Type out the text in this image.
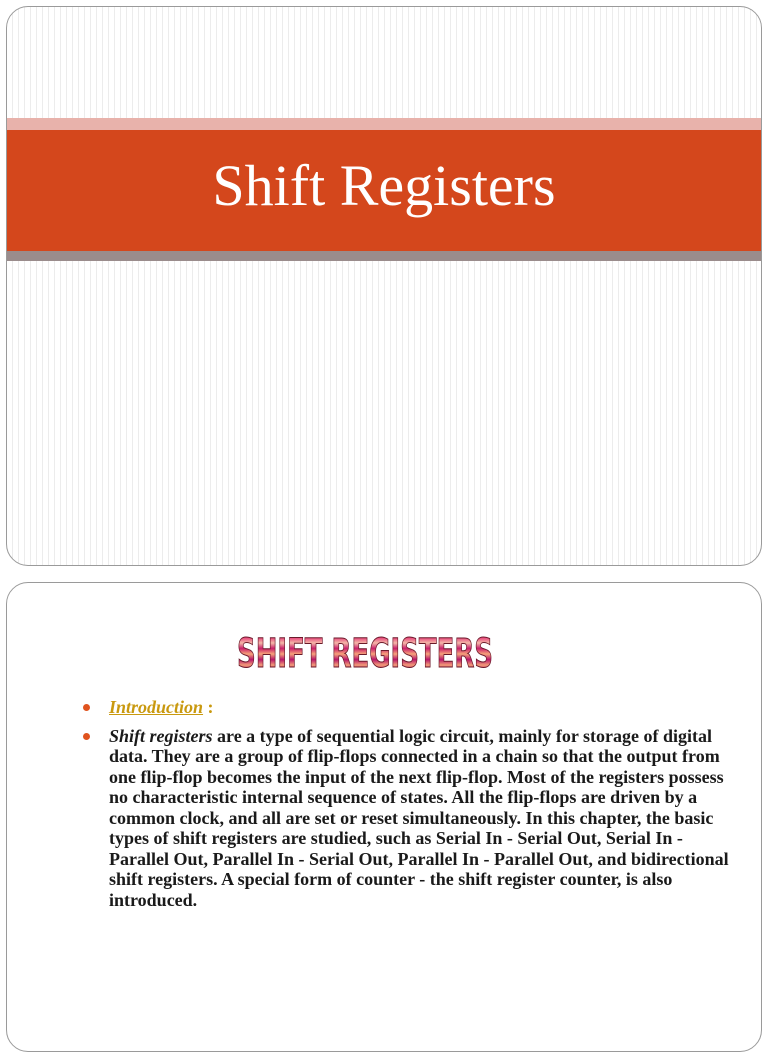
Shift Registers
SHIFT REGISTERS
Introduction :
Shift registers are a type of sequential logic circuit, mainly for storage of digital data. They are a group of flip-flops connected in a chain so that the output from one flip-flop becomes the input of the next flip-flop. Most of the registers possess no characteristic internal sequence of states. All the flip-flops are driven by a common clock, and all are set or reset simultaneously. In this chapter, the basic types of shift registers are studied, such as Serial In - Serial Out, Serial In - Parallel Out, Parallel In - Serial Out, Parallel In - Parallel Out, and bidirectional shift registers. A special form of counter - the shift register counter, is also introduced.
